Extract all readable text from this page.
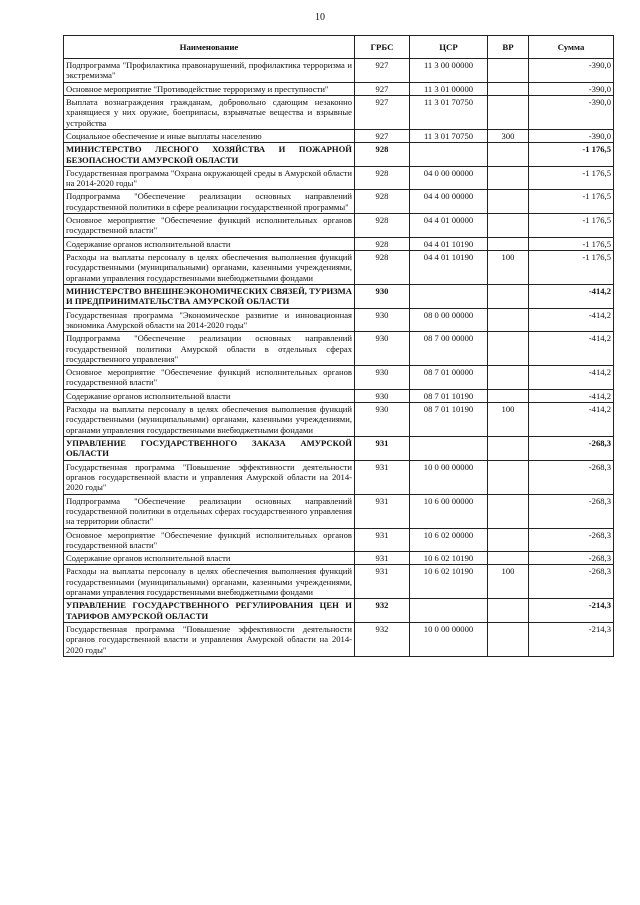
10
Наименование	ГРБС	ЦСР	ВР	Сумма
Подпрограмма "Профилактика правонарушений, профилактика терроризма и экстремизма"	927	11 3 00 00000		-390,0
Основное мероприятие "Противодействие терроризму и преступности"	927	11 3 01 00000		-390,0
Выплата вознаграждения гражданам, добровольно сдающим незаконно хранящиеся у них оружие, боеприпасы, взрывчатые вещества и взрывные устройства	927	11 3 01 70750		-390,0
Социальное обеспечение и иные выплаты населению	927	11 3 01 70750	300	-390,0
МИНИСТЕРСТВО ЛЕСНОГО ХОЗЯЙСТВА И ПОЖАРНОЙ БЕЗОПАСНОСТИ АМУРСКОЙ ОБЛАСТИ	928			-1 176,5
Государственная программа "Охрана окружающей среды в Амурской области на 2014-2020 годы"	928	04 0 00 00000		-1 176,5
Подпрограмма "Обеспечение реализации основных направлений государственной политики в сфере реализации государственной программы"	928	04 4 00 00000		-1 176,5
Основное мероприятие "Обеспечение функций исполнительных органов государственной власти"	928	04 4 01 00000		-1 176,5
Содержание органов исполнительной власти	928	04 4 01 10190		-1 176,5
Расходы на выплаты персоналу в целях обеспечения выполнения функций государственными (муниципальными) органами, казенными учреждениями, органами управления государственными внебюджетными фондами	928	04 4 01 10190	100	-1 176,5
МИНИСТЕРСТВО ВНЕШНЕЭКОНОМИЧЕСКИХ СВЯЗЕЙ, ТУРИЗМА И ПРЕДПРИНИМАТЕЛЬСТВА АМУРСКОЙ ОБЛАСТИ	930			-414,2
Государственная программа "Экономическое развитие и инновационная экономика Амурской области на 2014-2020 годы"	930	08 0 00 00000		-414,2
Подпрограмма "Обеспечение реализации основных направлений государственной политики Амурской области в отдельных сферах государственного управления"	930	08 7 00 00000		-414,2
Основное мероприятие "Обеспечение функций исполнительных органов государственной власти"	930	08 7 01 00000		-414,2
Содержание органов исполнительной власти	930	08 7 01 10190		-414,2
Расходы на выплаты персоналу в целях обеспечения выполнения функций государственными (муниципальными) органами, казенными учреждениями, органами управления государственными внебюджетными фондами	930	08 7 01 10190	100	-414,2
УПРАВЛЕНИЕ ГОСУДАРСТВЕННОГО ЗАКАЗА АМУРСКОЙ ОБЛАСТИ	931			-268,3
Государственная программа "Повышение эффективности деятельности органов государственной власти и управления Амурской области на 2014-2020 годы"	931	10 0 00 00000		-268,3
Подпрограмма "Обеспечение реализации основных направлений государственной политики в отдельных сферах государственного управления на территории области"	931	10 6 00 00000		-268,3
Основное мероприятие "Обеспечение функций исполнительных органов государственной власти"	931	10 6 02 00000		-268,3
Содержание органов исполнительной власти	931	10 6 02 10190		-268,3
Расходы на выплаты персоналу в целях обеспечения выполнения функций государственными (муниципальными) органами, казенными учреждениями, органами управления государственными внебюджетными фондами	931	10 6 02 10190	100	-268,3
УПРАВЛЕНИЕ ГОСУДАРСТВЕННОГО РЕГУЛИРОВАНИЯ ЦЕН И ТАРИФОВ АМУРСКОЙ ОБЛАСТИ	932			-214,3
Государственная программа "Повышение эффективности деятельности органов государственной власти и управления Амурской области на 2014-2020 годы"	932	10 0 00 00000		-214,3
